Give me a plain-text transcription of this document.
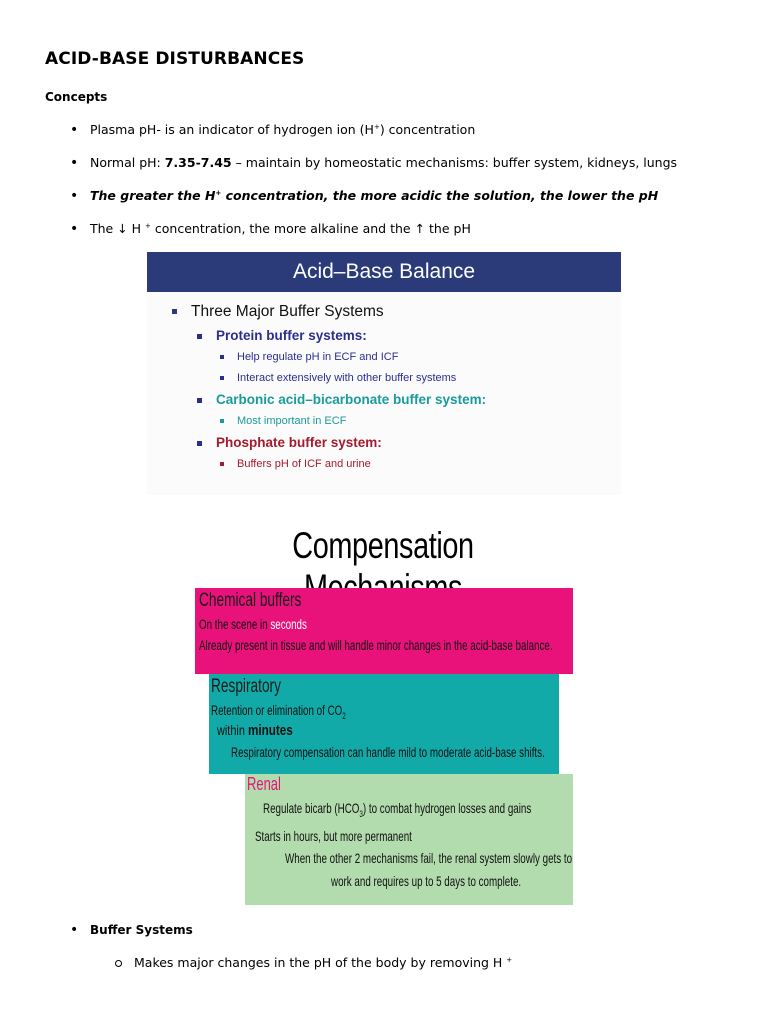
ACID-BASE DISTURBANCES
Concepts
•Plasma pH- is an indicator of hydrogen ion (H+) concentration
•Normal pH: 7.35-7.45 – maintain by homeostatic mechanisms: buffer system, kidneys, lungs
•The greater the H+ concentration, the more acidic the solution, the lower the pH
•The ↓ H + concentration, the more alkaline and the ↑ the pH
Acid–Base Balance
Three Major Buffer Systems
Protein buffer systems:
Help regulate pH in ECF and ICF
Interact extensively with other buffer systems
Carbonic acid–bicarbonate buffer system:
Most important in ECF
Phosphate buffer system:
Buffers pH of ICF and urine
Compensation
Chemical buffers
On the scene in seconds
Already present in tissue and will handle minor changes in the acid-base balance.
Respiratory
Retention or elimination of $CO_2$
within minutes
Respiratory compensation can handle mild to moderate acid-base shifts.
Renal
Regulate bicarb $(HCO_3)$ to combat hydrogen losses and gains
Starts in hours, but more permanent
When the other 2 mechanisms fail, the renal system slowly gets to
work and requires up to 5 days to complete.
•Buffer Systems
Makes major changes in the pH of the body by removing H +
